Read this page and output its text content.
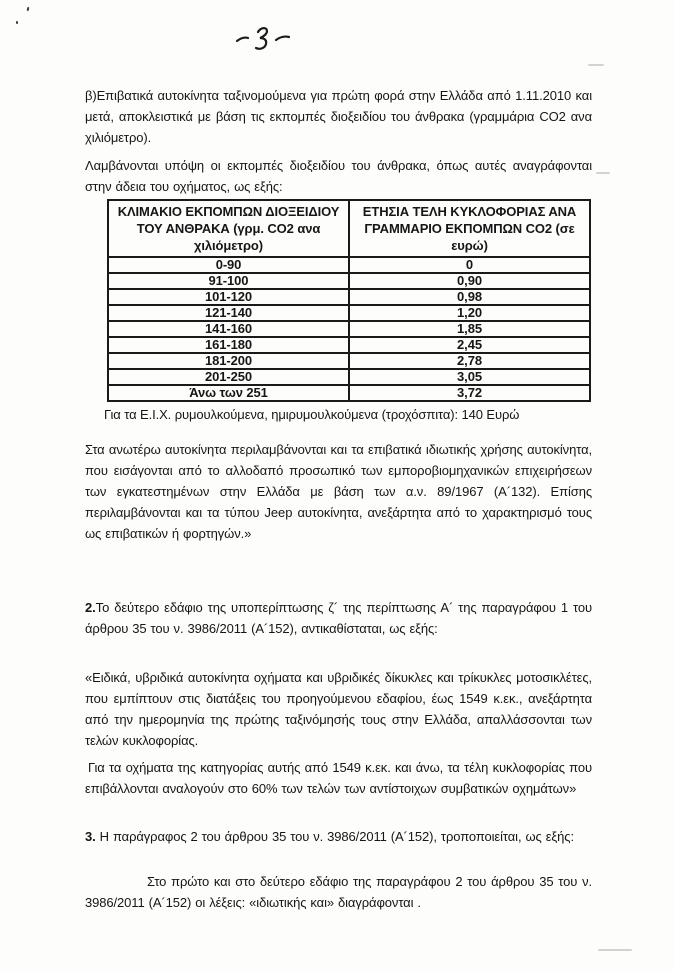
β)Επιβατικά αυτοκίνητα ταξινομούμενα για πρώτη φορά στην Ελλάδα από 1.11.2010 και μετά, αποκλειστικά με βάση τις εκπομπές διοξειδίου του άνθρακα (γραμμάρια CO2 ανα χιλιόμετρο).

Λαμβάνονται υπόψη οι εκπομπές διοξειδίου του άνθρακα, όπως αυτές αναγράφονται στην άδεια του οχήματος, ως εξής:

ΚΛΙΜΑΚΙΟ ΕΚΠΟΜΠΩΝ ΔΙΟΞΕΙΔΙΟΥ ΤΟΥ ΑΝΘΡΑΚΑ (γρμ. CO2 ανα χιλιόμετρο)	ΕΤΗΣΙΑ ΤΕΛΗ ΚΥΚΛΟΦΟΡΙΑΣ ΑΝΑ ΓΡΑΜΜΑΡΙΟ ΕΚΠΟΜΠΩΝ CO2 (σε ευρώ)
0-90	0
91-100	0,90
101-120	0,98
121-140	1,20
141-160	1,85
161-180	2,45
181-200	2,78
201-250	3,05
Άνω των 251	3,72

Για τα Ε.Ι.Χ. ρυμουλκούμενα, ημιρυμουλκούμενα (τροχόσπιτα): 140 Ευρώ

Στα ανωτέρω αυτοκίνητα περιλαμβάνονται και τα επιβατικά ιδιωτικής χρήσης αυτοκίνητα, που εισάγονται από το αλλοδαπό προσωπικό των εμποροβιομηχανικών επιχειρήσεων των εγκατεστημένων στην Ελλάδα με βάση των α.ν. 89/1967 (Α´132). Επίσης περιλαμβάνονται και τα τύπου Jeep αυτοκίνητα, ανεξάρτητα από το χαρακτηρισμό τους ως επιβατικών ή φορτηγών.»

2.Το δεύτερο εδάφιο της υποπερίπτωσης ζ´ της περίπτωσης Α´ της παραγράφου 1 του άρθρου 35 του ν. 3986/2011 (Α´152), αντικαθίσταται, ως εξής:

«Ειδικά, υβριδικά αυτοκίνητα οχήματα και υβριδικές δίκυκλες και τρίκυκλες μοτοσικλέτες, που εμπίπτουν στις διατάξεις του προηγούμενου εδαφίου, έως 1549 κ.εκ., ανεξάρτητα από την ημερομηνία της πρώτης ταξινόμησής τους στην Ελλάδα, απαλλάσσονται των τελών κυκλοφορίας.

Για τα οχήματα της κατηγορίας αυτής από 1549 κ.εκ. και άνω, τα τέλη κυκλοφορίας που επιβάλλονται αναλογούν στο 60% των τελών των αντίστοιχων συμβατικών οχημάτων»

3. Η παράγραφος 2 του άρθρου 35 του ν. 3986/2011 (Α´152), τροποποιείται, ως εξής:

Στο πρώτο και στο δεύτερο εδάφιο της παραγράφου 2 του άρθρου 35 του ν. 3986/2011 (Α´152) οι λέξεις: «ιδιωτικής και» διαγράφονται .
